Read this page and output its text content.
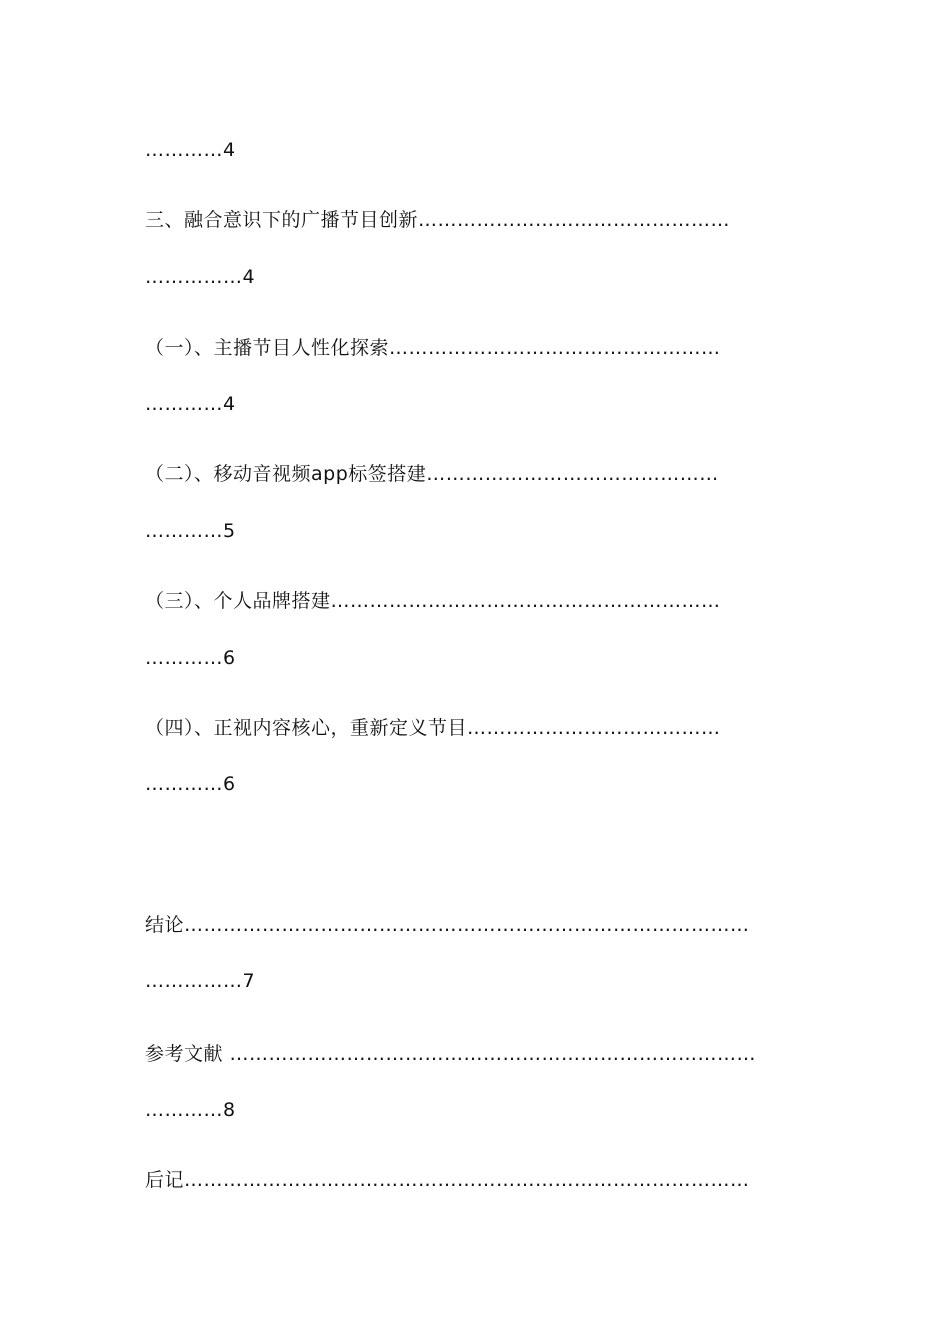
…………4
三、融合意识下的广播节目创新…………………………………………
……………4
（一）、主播节目人性化探索……………………………………………
…………4
（二）、移动音视频app标签搭建………………………………………
…………5
（三）、个人品牌搭建……………………………………………………
…………6
（四）、正视内容核心，重新定义节目…………………………………
…………6
结论……………………………………………………………………………
……………7
参考文献 ………………………………………………………………………
…………8
后记……………………………………………………………………………
